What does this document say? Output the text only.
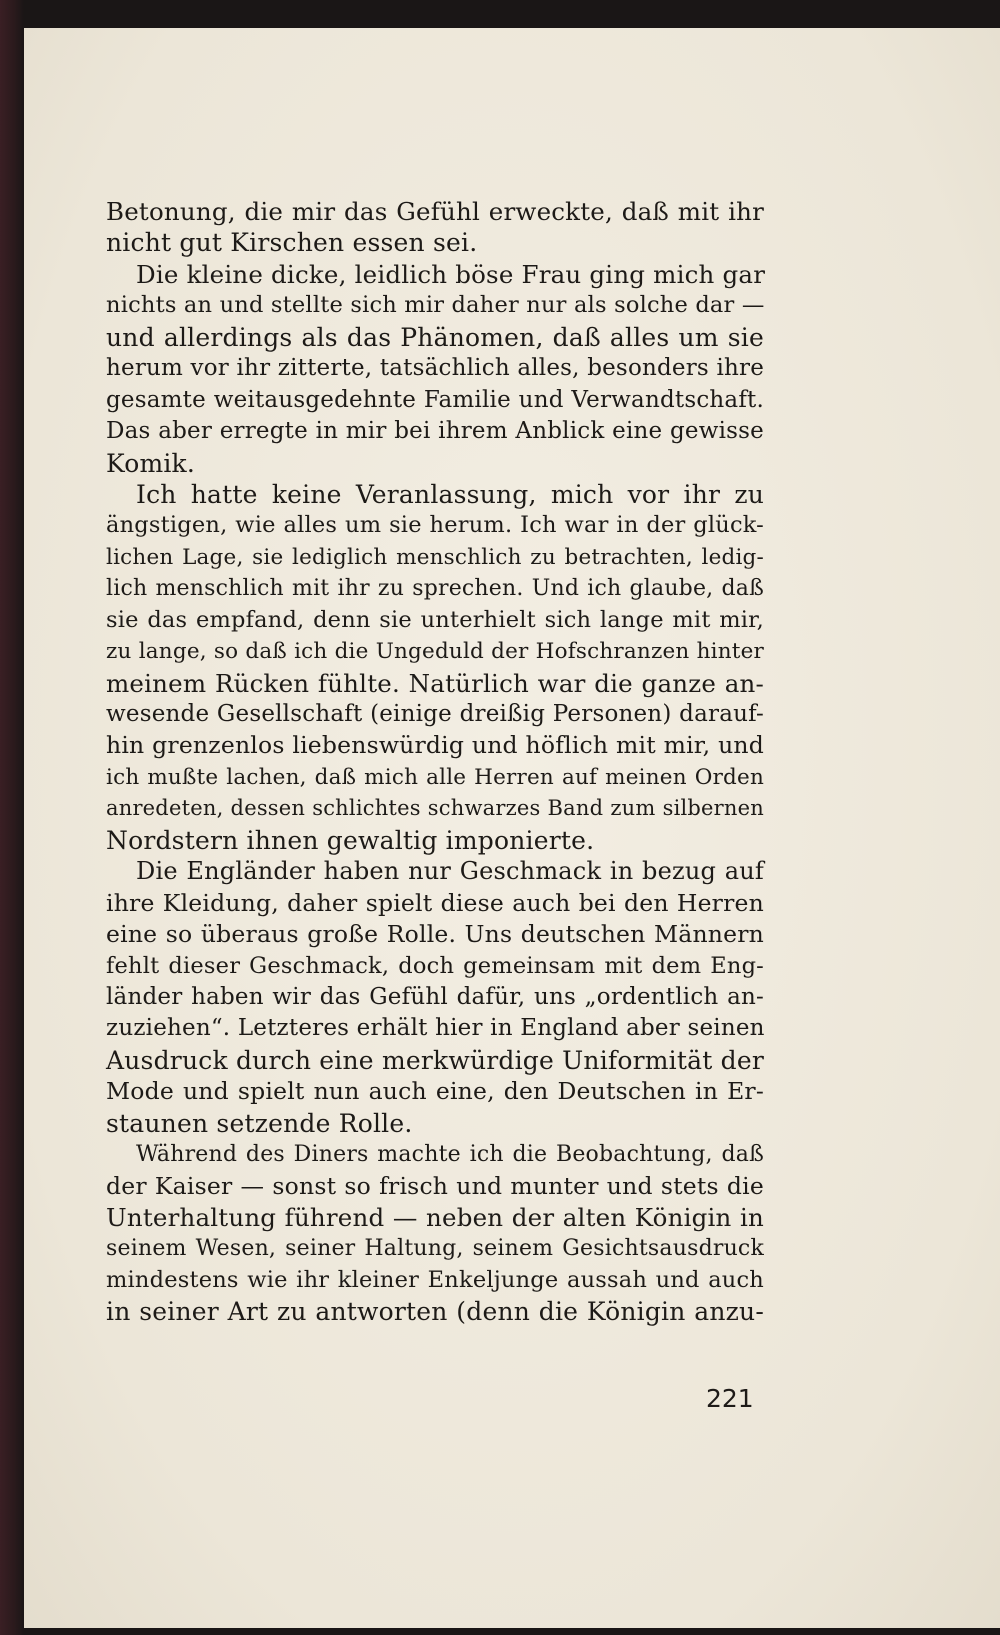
Betonung, die mir das Gefühl erweckte, daß mit ihr
nicht gut Kirschen essen sei.
Die kleine dicke, leidlich böse Frau ging mich gar
nichts an und stellte sich mir daher nur als solche dar —
und allerdings als das Phänomen, daß alles um sie
herum vor ihr zitterte, tatsächlich alles, besonders ihre
gesamte weitausgedehnte Familie und Verwandtschaft.
Das aber erregte in mir bei ihrem Anblick eine gewisse
Komik.
Ich hatte keine Veranlassung, mich vor ihr zu
ängstigen, wie alles um sie herum. Ich war in der glück-
lichen Lage, sie lediglich menschlich zu betrachten, ledig-
lich menschlich mit ihr zu sprechen. Und ich glaube, daß
sie das empfand, denn sie unterhielt sich lange mit mir,
zu lange, so daß ich die Ungeduld der Hofschranzen hinter
meinem Rücken fühlte. Natürlich war die ganze an-
wesende Gesellschaft (einige dreißig Personen) darauf-
hin grenzenlos liebenswürdig und höflich mit mir, und
ich mußte lachen, daß mich alle Herren auf meinen Orden
anredeten, dessen schlichtes schwarzes Band zum silbernen
Nordstern ihnen gewaltig imponierte.
Die Engländer haben nur Geschmack in bezug auf
ihre Kleidung, daher spielt diese auch bei den Herren
eine so überaus große Rolle. Uns deutschen Männern
fehlt dieser Geschmack, doch gemeinsam mit dem Eng-
länder haben wir das Gefühl dafür, uns „ordentlich an-
zuziehen“. Letzteres erhält hier in England aber seinen
Ausdruck durch eine merkwürdige Uniformität der
Mode und spielt nun auch eine, den Deutschen in Er-
staunen setzende Rolle.
Während des Diners machte ich die Beobachtung, daß
der Kaiser — sonst so frisch und munter und stets die
Unterhaltung führend — neben der alten Königin in
seinem Wesen, seiner Haltung, seinem Gesichtsausdruck
mindestens wie ihr kleiner Enkeljunge aussah und auch
in seiner Art zu antworten (denn die Königin anzu-
221
